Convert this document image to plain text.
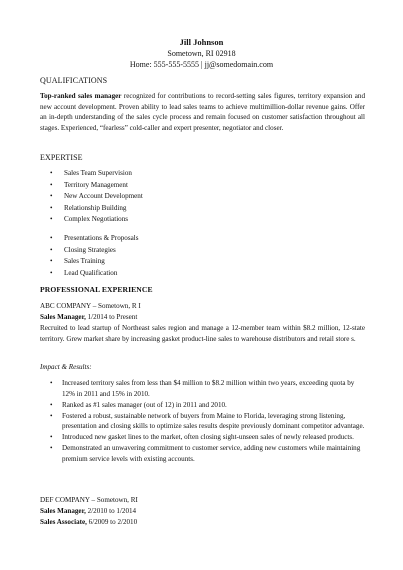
Jill Johnson
Sometown, RI 02918
Home: 555-555-5555 | jj@somedomain.com
QUALIFICATIONS
Top-ranked sales manager recognized for contributions to record-setting sales figures, territory expansion and new account development. Proven ability to lead sales teams to achieve multimillion-dollar revenue gains. Offer an in-depth understanding of the sales cycle process and remain focused on customer satisfaction throughout all stages. Experienced, “fearless” cold-caller and expert presenter, negotiator and closer.
EXPERTISE
• Sales Team Supervision
• Territory Management
• New Account Development
• Relationship Building
• Complex Negotiations
• Presentations & Proposals
• Closing Strategies
• Sales Training
• Lead Qualification
PROFESSIONAL EXPERIENCE
ABC COMPANY – Sometown, R I
Sales Manager, 1/2014 to Present
Recruited to lead startup of Northeast sales region and manage a 12-member team within $8.2 million, 12-state territory. Grew market share by increasing gasket product-line sales to warehouse distributors and retail store s.
Impact & Results:
• Increased territory sales from less than $4 million to $8.2 million within two years, exceeding quota by 12% in 2011 and 15% in 2010.
• Ranked as #1 sales manager (out of 12) in 2011 and 2010.
• Fostered a robust, sustainable network of buyers from Maine to Florida, leveraging strong listening, presentation and closing skills to optimize sales results despite previously dominant competitor advantage.
• Introduced new gasket lines to the market, often closing sight-unseen sales of newly released products.
• Demonstrated an unwavering commitment to customer service, adding new customers while maintaining premium service levels with existing accounts.
DEF COMPANY – Sometown, RI
Sales Manager, 2/2010 to 1/2014
Sales Associate, 6/2009 to 2/2010
